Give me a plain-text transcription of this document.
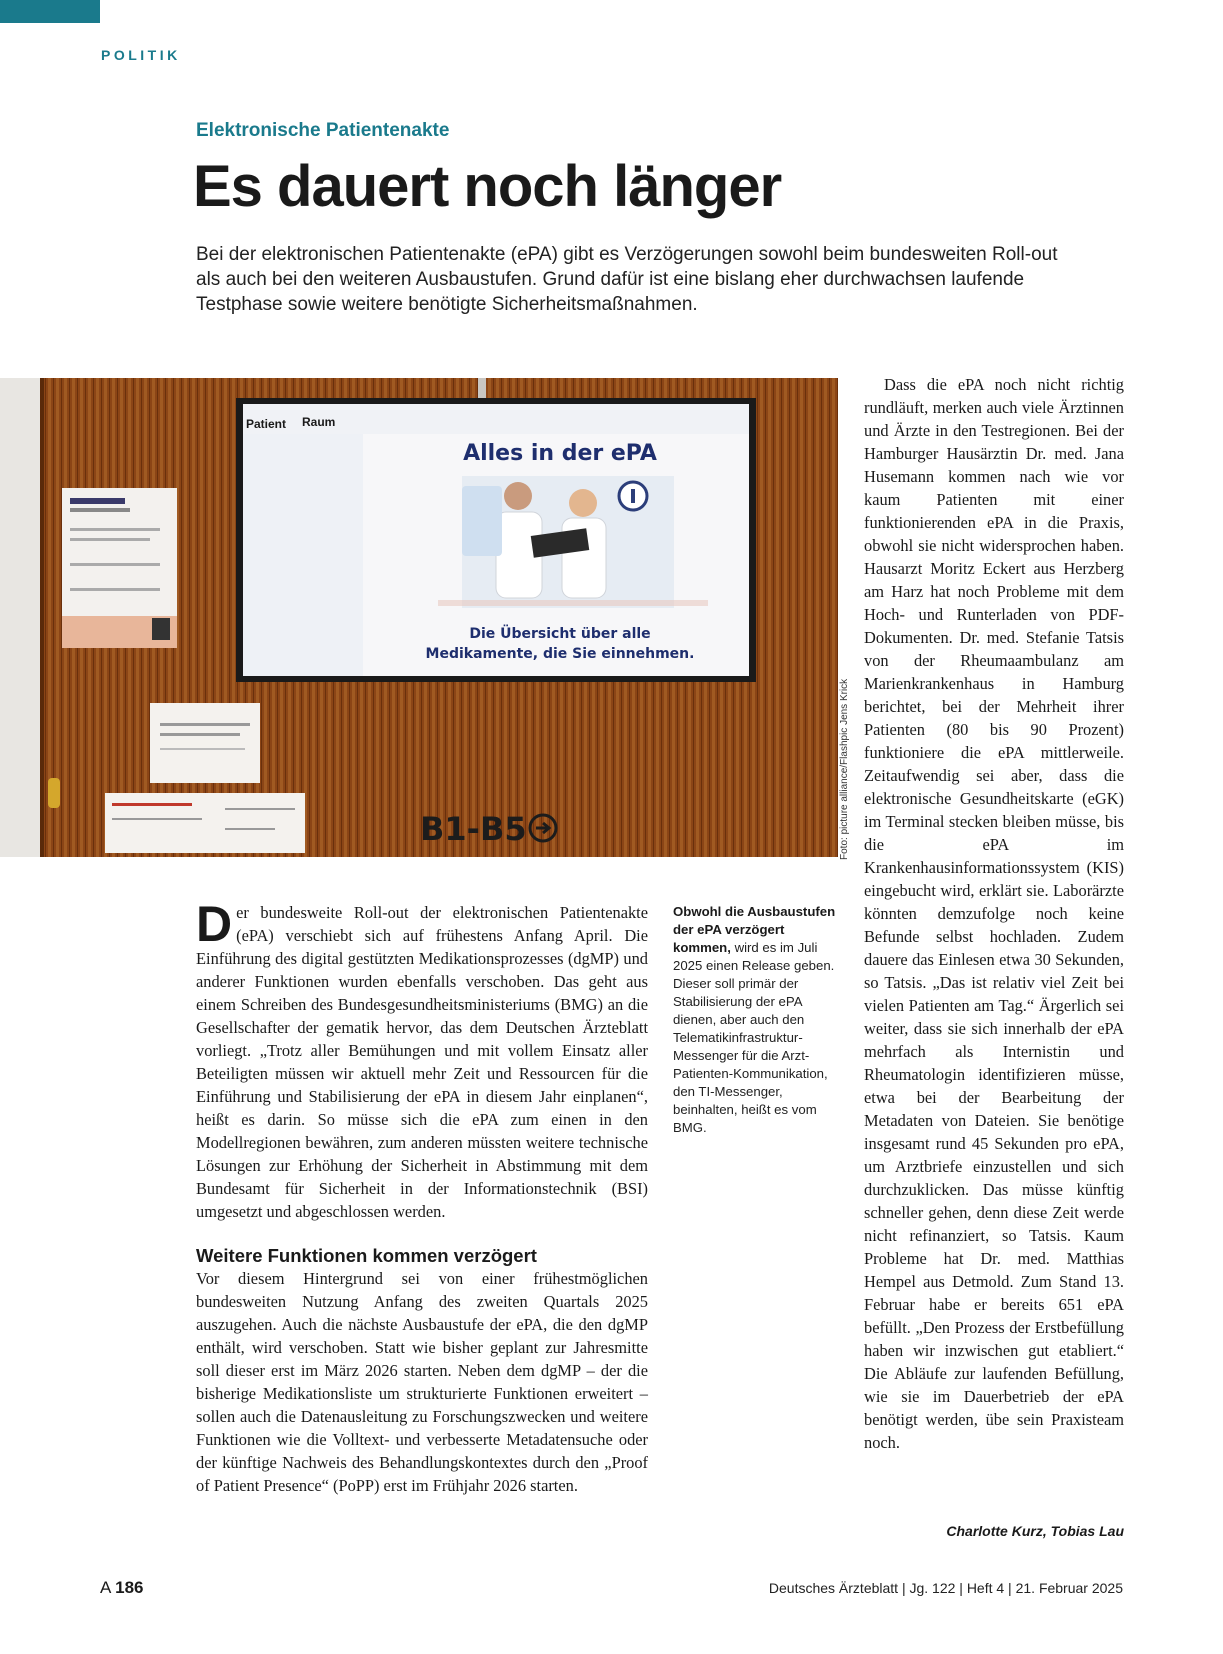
POLITIK
Elektronische Patientenakte
Es dauert noch länger
Bei der elektronischen Patientenakte (ePA) gibt es Verzögerungen sowohl beim bundesweiten Roll-out als auch bei den weiteren Ausbaustufen. Grund dafür ist eine bislang eher durchwachsen laufende Testphase sowie weitere benötigte Sicherheitsmaßnahmen.
Patient Raum
Alles in der ePA
Die Übersicht über alle
Medikamente, die Sie einnehmen.
B1-B5	Foto: picture alliance/Flashpic Jens Krick

Der bundesweite Roll-out der elektronischen Patientenakte (ePA) verschiebt sich auf frühestens Anfang April. Die Einführung des digital gestützten Medikationsprozesses (dgMP) und anderer Funktionen wurden ebenfalls verschoben. Das geht aus einem Schreiben des Bundesgesundheitsministeriums (BMG) an die Gesellschafter der gematik hervor, das dem Deutschen Ärzteblatt vorliegt. „Trotz aller Bemühungen und mit vollem Einsatz aller Beteiligten müssen wir aktuell mehr Zeit und Ressourcen für die Einführung und Stabilisierung der ePA in diesem Jahr einplanen“, heißt es darin. So müsse sich die ePA zum einen in den Modellregionen bewähren, zum anderen müssten weitere technische Lösungen zur Erhöhung der Sicherheit in Abstimmung mit dem Bundesamt für Sicherheit in der Informationstechnik (BSI) umgesetzt und abgeschlossen werden.

Weitere Funktionen kommen verzögert

Vor diesem Hintergrund sei von einer frühestmöglichen bundesweiten Nutzung Anfang des zweiten Quartals 2025 auszugehen. Auch die nächste Ausbaustufe der ePA, die den dgMP enthält, wird verschoben. Statt wie bisher geplant zur Jahresmitte soll dieser erst im März 2026 starten. Neben dem dgMP – der die bisherige Medikationsliste um strukturierte Funktionen erweitert – sollen auch die Datenausleitung zu Forschungszwecken und weitere Funktionen wie die Volltext- und verbesserte Metadatensuche oder der künftige Nachweis des Behandlungskontextes durch den „Proof of Patient Presence“ (PoPP) erst im Frühjahr 2026 starten.

Obwohl die Ausbaustufen der ePA verzögert kommen, wird es im Juli 2025 einen Release geben. Dieser soll primär der Stabilisierung der ePA dienen, aber auch den Telematikinfrastruktur-Messenger für die Arzt-Patienten-Kommunikation, den TI-Messenger, beinhalten, heißt es vom BMG.

Dass die ePA noch nicht richtig rundläuft, merken auch viele Ärztinnen und Ärzte in den Testregionen. Bei der Hamburger Hausärztin Dr. med. Jana Husemann kommen nach wie vor kaum Patienten mit einer funktionierenden ePA in die Praxis, obwohl sie nicht widersprochen haben. Hausarzt Moritz Eckert aus Herzberg am Harz hat noch Probleme mit dem Hoch- und Runterladen von PDF-Dokumenten. Dr. med. Stefanie Tatsis von der Rheumaambulanz am Marienkrankenhaus in Hamburg berichtet, bei der Mehrheit ihrer Patienten (80 bis 90 Prozent) funktioniere die ePA mittlerweile. Zeitaufwendig sei aber, dass die elektronische Gesundheitskarte (eGK) im Terminal stecken bleiben müsse, bis die ePA im Krankenhausinformationssystem (KIS) eingebucht wird, erklärt sie. Laborärzte könnten demzufolge noch keine Befunde selbst hochladen. Zudem dauere das Einlesen etwa 30 Sekunden, so Tatsis. „Das ist relativ viel Zeit bei vielen Patienten am Tag.“ Ärgerlich sei weiter, dass sie sich innerhalb der ePA mehrfach als Internistin und Rheumatologin identifizieren müsse, etwa bei der Bearbeitung der Metadaten von Dateien. Sie benötige insgesamt rund 45 Sekunden pro ePA, um Arztbriefe einzustellen und sich durchzuklicken. Das müsse künftig schneller gehen, denn diese Zeit werde nicht refinanziert, so Tatsis. Kaum Probleme hat Dr. med. Matthias Hempel aus Detmold. Zum Stand 13. Februar habe er bereits 651 ePA befüllt. „Den Prozess der Erstbefüllung haben wir inzwischen gut etabliert.“ Die Abläufe zur laufenden Befüllung, wie sie im Dauerbetrieb der ePA benötigt werden, übe sein Praxisteam noch.

Charlotte Kurz, Tobias Lau
A 186	Deutsches Ärzteblatt | Jg. 122 | Heft 4 | 21. Februar 2025
